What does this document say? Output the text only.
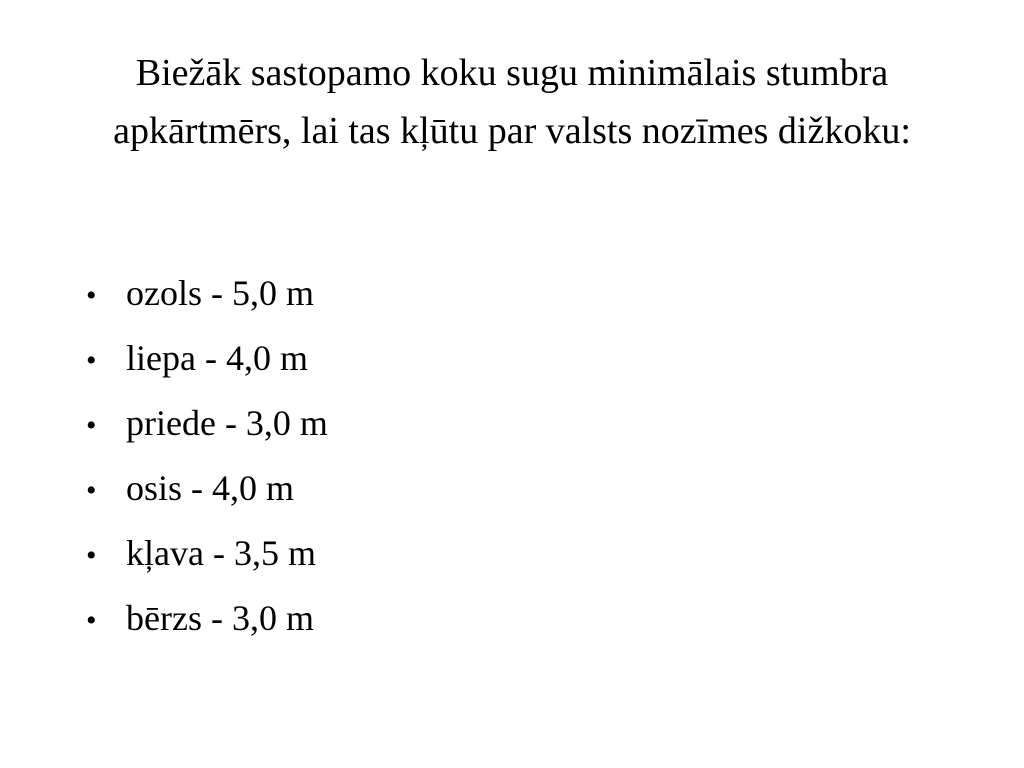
Biežāk sastopamo koku sugu minimālais stumbra apkārtmērs, lai tas kļūtu par valsts nozīmes dižkoku:
• ozols - 5,0 m
• liepa - 4,0 m
• priede - 3,0 m
• osis - 4,0 m
• kļava - 3,5 m
• bērzs - 3,0 m
